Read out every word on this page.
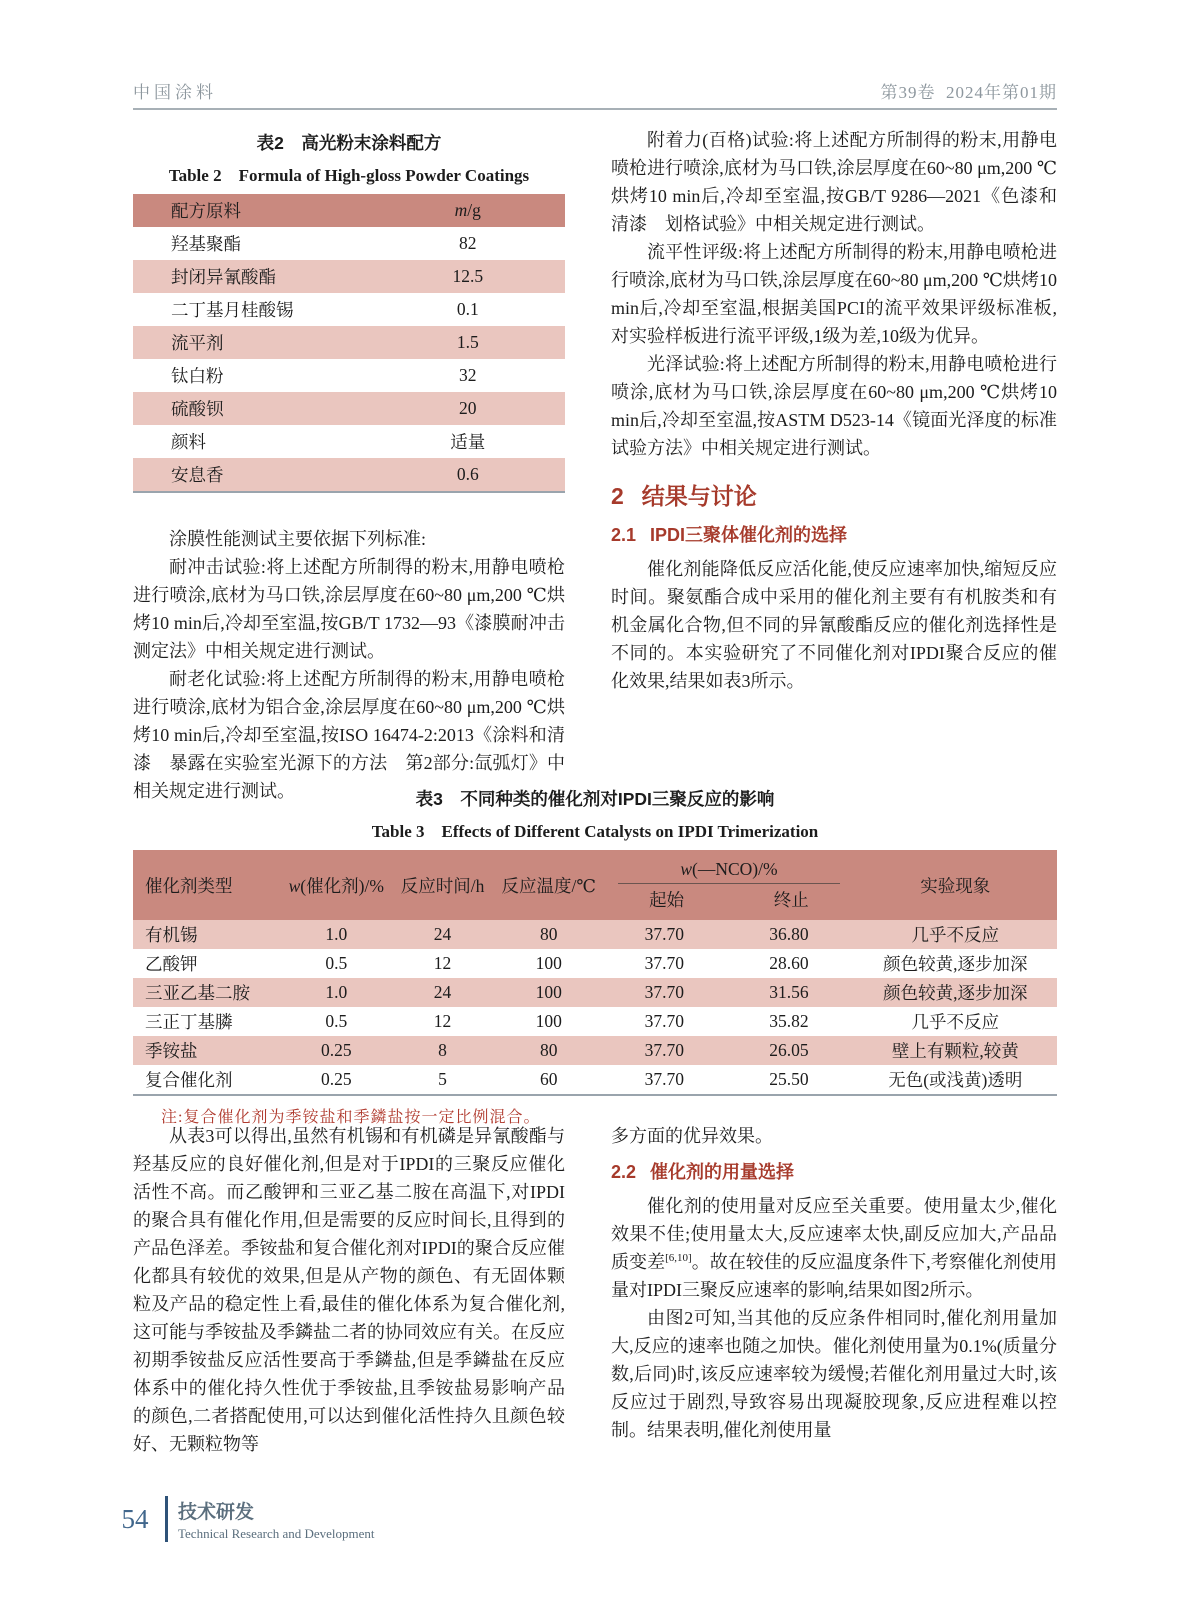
中国涂料	第39卷  2024年第01期
表2　高光粉末涂料配方
Table 2　Formula of High-gloss Powder Coatings
配方原料	m/g
羟基聚酯	82
封闭异氰酸酯	12.5
二丁基月桂酸锡	0.1
流平剂	1.5
钛白粉	32
硫酸钡	20
颜料	适量
安息香	0.6

涂膜性能测试主要依据下列标准:

耐冲击试验:将上述配方所制得的粉末,用静电喷枪进行喷涂,底材为马口铁,涂层厚度在60~80 μm,200 ℃烘烤10 min后,冷却至室温,按GB/T 1732—93《漆膜耐冲击测定法》中相关规定进行测试。

耐老化试验:将上述配方所制得的粉末,用静电喷枪进行喷涂,底材为铝合金,涂层厚度在60~80 μm,200 ℃烘烤10 min后,冷却至室温,按ISO 16474-2:2013《涂料和清漆　暴露在实验室光源下的方法　第2部分:氙弧灯》中相关规定进行测试。

附着力(百格)试验:将上述配方所制得的粉末,用静电喷枪进行喷涂,底材为马口铁,涂层厚度在60~80 μm,200 ℃烘烤10 min后,冷却至室温,按GB/T 9286—2021《色漆和清漆　划格试验》中相关规定进行测试。

流平性评级:将上述配方所制得的粉末,用静电喷枪进行喷涂,底材为马口铁,涂层厚度在60~80 μm,200 ℃烘烤10 min后,冷却至室温,根据美国PCI的流平效果评级标准板,对实验样板进行流平评级,1级为差,10级为优异。

光泽试验:将上述配方所制得的粉末,用静电喷枪进行喷涂,底材为马口铁,涂层厚度在60~80 μm,200 ℃烘烤10 min后,冷却至室温,按ASTM D523-14《镜面光泽度的标准试验方法》中相关规定进行测试。

2 结果与讨论
2.1 IPDI三聚体催化剂的选择

催化剂能降低反应活化能,使反应速率加快,缩短反应时间。聚氨酯合成中采用的催化剂主要有有机胺类和有机金属化合物,但不同的异氰酸酯反应的催化剂选择性是不同的。本实验研究了不同催化剂对IPDI聚合反应的催化效果,结果如表3所示。

表3　不同种类的催化剂对IPDI三聚反应的影响
Table 3　Effects of Different Catalysts on IPDI Trimerization
催化剂类型	w(催化剂)/% 反应时间/h 反应温度/℃
w(—NCO)/%
起始	终止
实验现象
有机锡	1.0	24	80	37.70	36.80	几乎不反应
乙酸钾	0.5	12	100	37.70	28.60	颜色较黄,逐步加深
三亚乙基二胺	1.0	24	100	37.70	31.56	颜色较黄,逐步加深
三正丁基膦	0.5	12	100	37.70	35.82	几乎不反应
季铵盐	0.25	8	80	37.70	26.05	壁上有颗粒,较黄
复合催化剂	0.25	5	60	37.70	25.50	无色(或浅黄)透明
注:复合催化剂为季铵盐和季鏻盐按一定比例混合。

从表3可以得出,虽然有机锡和有机磷是异氰酸酯与羟基反应的良好催化剂,但是对于IPDI的三聚反应催化活性不高。而乙酸钾和三亚乙基二胺在高温下,对IPDI的聚合具有催化作用,但是需要的反应时间长,且得到的产品色泽差。季铵盐和复合催化剂对IPDI的聚合反应催化都具有较优的效果,但是从产物的颜色、有无固体颗粒及产品的稳定性上看,最佳的催化体系为复合催化剂,这可能与季铵盐及季鏻盐二者的协同效应有关。在反应初期季铵盐反应活性要高于季鏻盐,但是季鏻盐在反应体系中的催化持久性优于季铵盐,且季铵盐易影响产品的颜色,二者搭配使用,可以达到催化活性持久且颜色较好、无颗粒物等

多方面的优异效果。

2.2 催化剂的用量选择

催化剂的使用量对反应至关重要。使用量太少,催化效果不佳;使用量太大,反应速率太快,副反应加大,产品品质变差[6,10]。故在较佳的反应温度条件下,考察催化剂使用量对IPDI三聚反应速率的影响,结果如图2所示。

由图2可知,当其他的反应条件相同时,催化剂用量加大,反应的速率也随之加快。催化剂使用量为0.1%(质量分数,后同)时,该反应速率较为缓慢;若催化剂用量过大时,该反应过于剧烈,导致容易出现凝胶现象,反应进程难以控制。结果表明,催化剂使用量

54	技术研发
Technical Research and Development
